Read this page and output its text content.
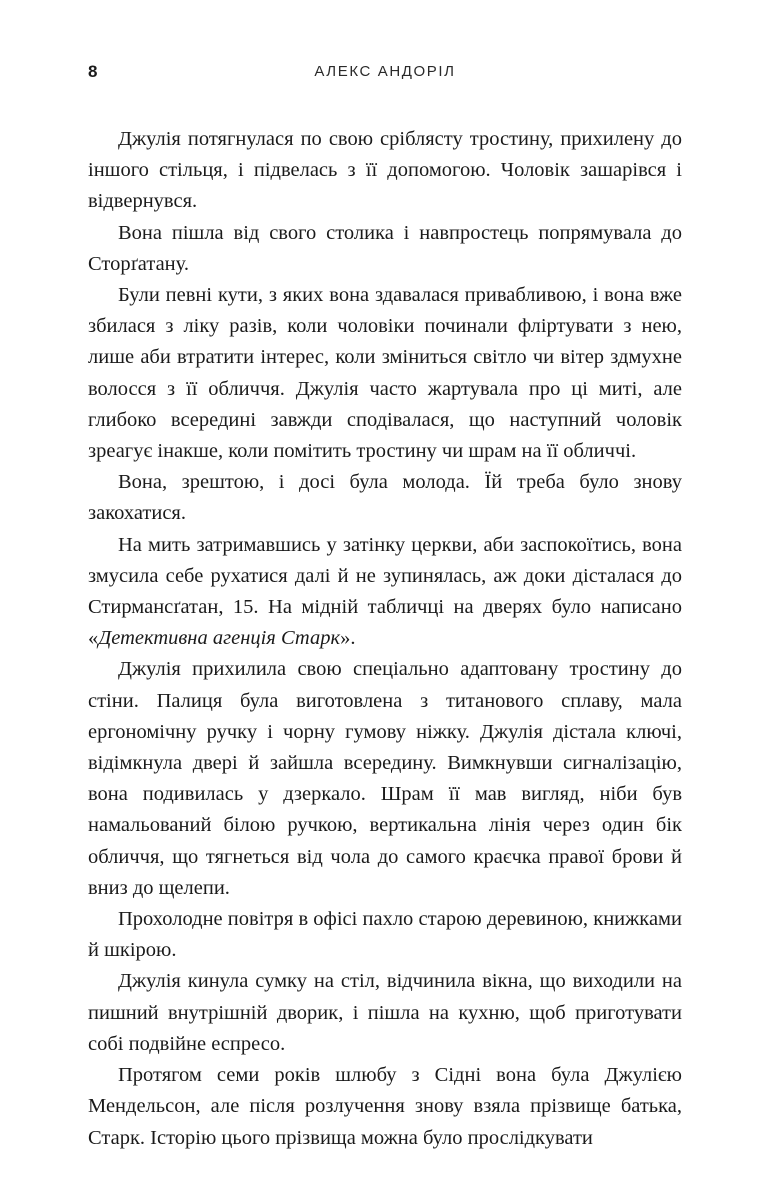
8	АЛЕКС АНДОРІЛ

Джулія потягнулася по свою сріблясту тростину, прихилену до іншого стільця, і підвелась з її допомогою. Чоловік зашарівся і відвернувся.

Вона пішла від свого столика і навпростець попрямувала до Сторґатану.

Були певні кути, з яких вона здавалася привабливою, і вона вже збилася з ліку разів, коли чоловіки починали фліртувати з нею, лише аби втратити інтерес, коли зміниться світло чи вітер здмухне волосся з її обличчя. Джулія часто жартувала про ці миті, але глибоко всередині завжди сподівалася, що наступний чоловік зреагує інакше, коли помітить тростину чи шрам на її обличчі.

Вона, зрештою, і досі була молода. Їй треба було знову закохатися.

На мить затримавшись у затінку церкви, аби заспокоїтись, вона змусила себе рухатися далі й не зупинялась, аж доки дісталася до Стирмансґатан, 15. На мідній табличці на дверях було написано «Детективна агенція Старк».

Джулія прихилила свою спеціально адаптовану тростину до стіни. Палиця була виготовлена з титанового сплаву, мала ергономічну ручку і чорну гумову ніжку. Джулія дістала ключі, відімкнула двері й зайшла всередину. Вимкнувши сигналізацію, вона подивилась у дзеркало. Шрам її мав вигляд, ніби був намальований білою ручкою, вертикальна лінія через один бік обличчя, що тягнеться від чола до самого краєчка правої брови й вниз до щелепи.

Прохолодне повітря в офісі пахло старою деревиною, книжками й шкірою.

Джулія кинула сумку на стіл, відчинила вікна, що виходили на пишний внутрішній дворик, і пішла на кухню, щоб приготувати собі подвійне еспресо.

Протягом семи років шлюбу з Сідні вона була Джулією Мендельсон, але після розлучення знову взяла прізвище батька, Старк. Історію цього прізвища можна було прослідкувати
